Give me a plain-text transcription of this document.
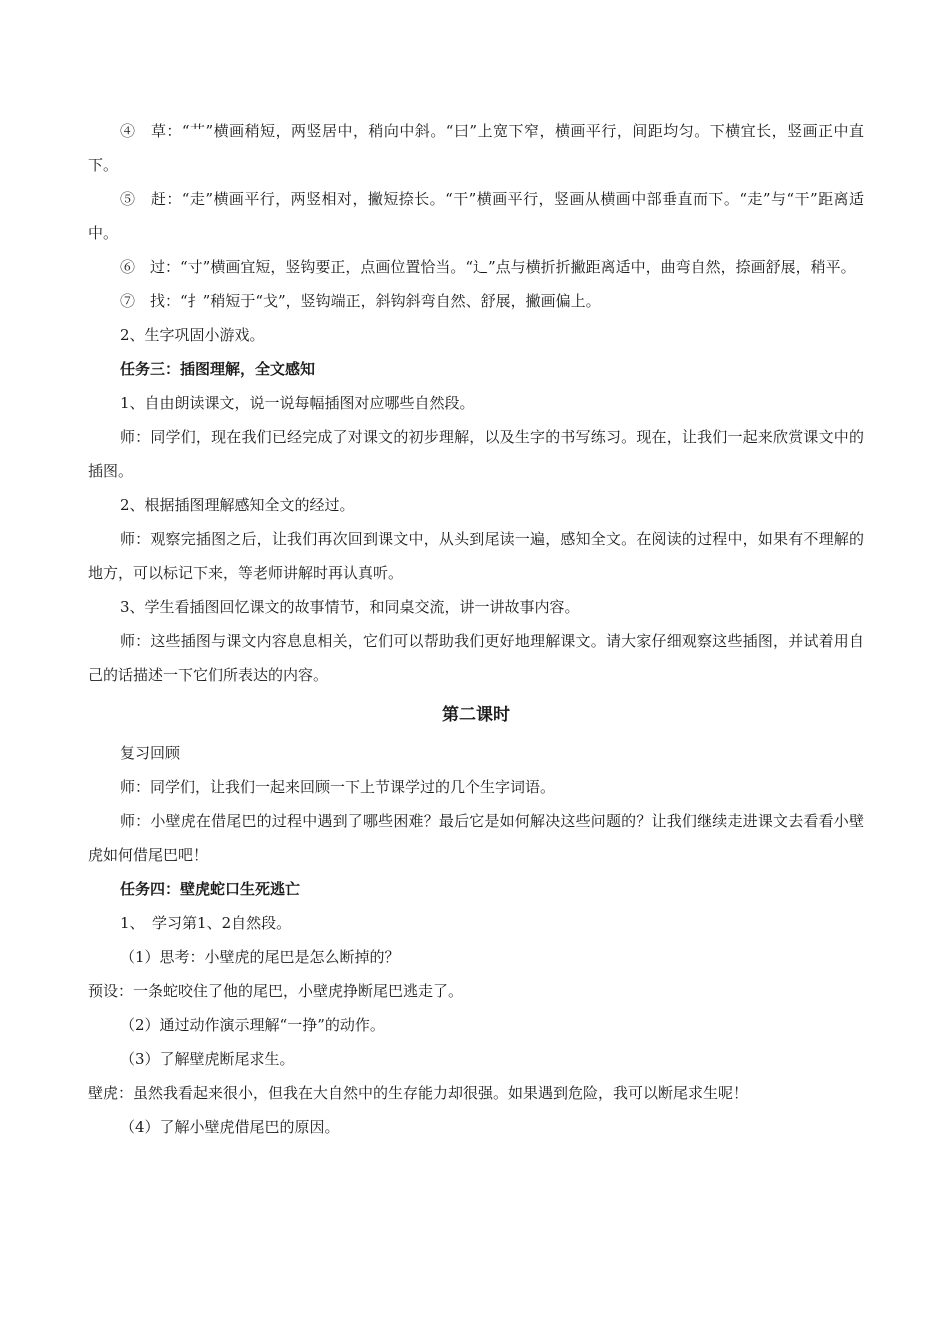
④　草：“艹”横画稍短，两竖居中，稍向中斜。“曰”上宽下窄，横画平行，间距均匀。下横宜长，竖画正中直下。

⑤　赶：“走”横画平行，两竖相对，撇短捺长。“干”横画平行，竖画从横画中部垂直而下。“走”与“干”距离适中。

⑥　过：“寸”横画宜短，竖钩要正，点画位置恰当。“辶”点与横折折撇距离适中，曲弯自然，捺画舒展，稍平。

⑦　找：“扌”稍短于“戈”，竖钩端正，斜钩斜弯自然、舒展，撇画偏上。

2、生字巩固小游戏。

任务三：插图理解，全文感知

1、自由朗读课文，说一说每幅插图对应哪些自然段。

师：同学们，现在我们已经完成了对课文的初步理解，以及生字的书写练习。现在，让我们一起来欣赏课文中的插图。

2、根据插图理解感知全文的经过。

师：观察完插图之后，让我们再次回到课文中，从头到尾读一遍，感知全文。在阅读的过程中，如果有不理解的地方，可以标记下来，等老师讲解时再认真听。

3、学生看插图回忆课文的故事情节，和同桌交流，讲一讲故事内容。

师：这些插图与课文内容息息相关，它们可以帮助我们更好地理解课文。请大家仔细观察这些插图，并试着用自己的话描述一下它们所表达的内容。

第二课时

复习回顾

师：同学们，让我们一起来回顾一下上节课学过的几个生字词语。

师：小壁虎在借尾巴的过程中遇到了哪些困难？最后它是如何解决这些问题的？让我们继续走进课文去看看小壁虎如何借尾巴吧！

任务四：壁虎蛇口生死逃亡

1、　学习第1、2自然段。

（1）思考：小壁虎的尾巴是怎么断掉的？

预设：一条蛇咬住了他的尾巴，小壁虎挣断尾巴逃走了。

（2）通过动作演示理解“一挣”的动作。

（3）了解壁虎断尾求生。

壁虎：虽然我看起来很小，但我在大自然中的生存能力却很强。如果遇到危险，我可以断尾求生呢！

（4）了解小壁虎借尾巴的原因。
